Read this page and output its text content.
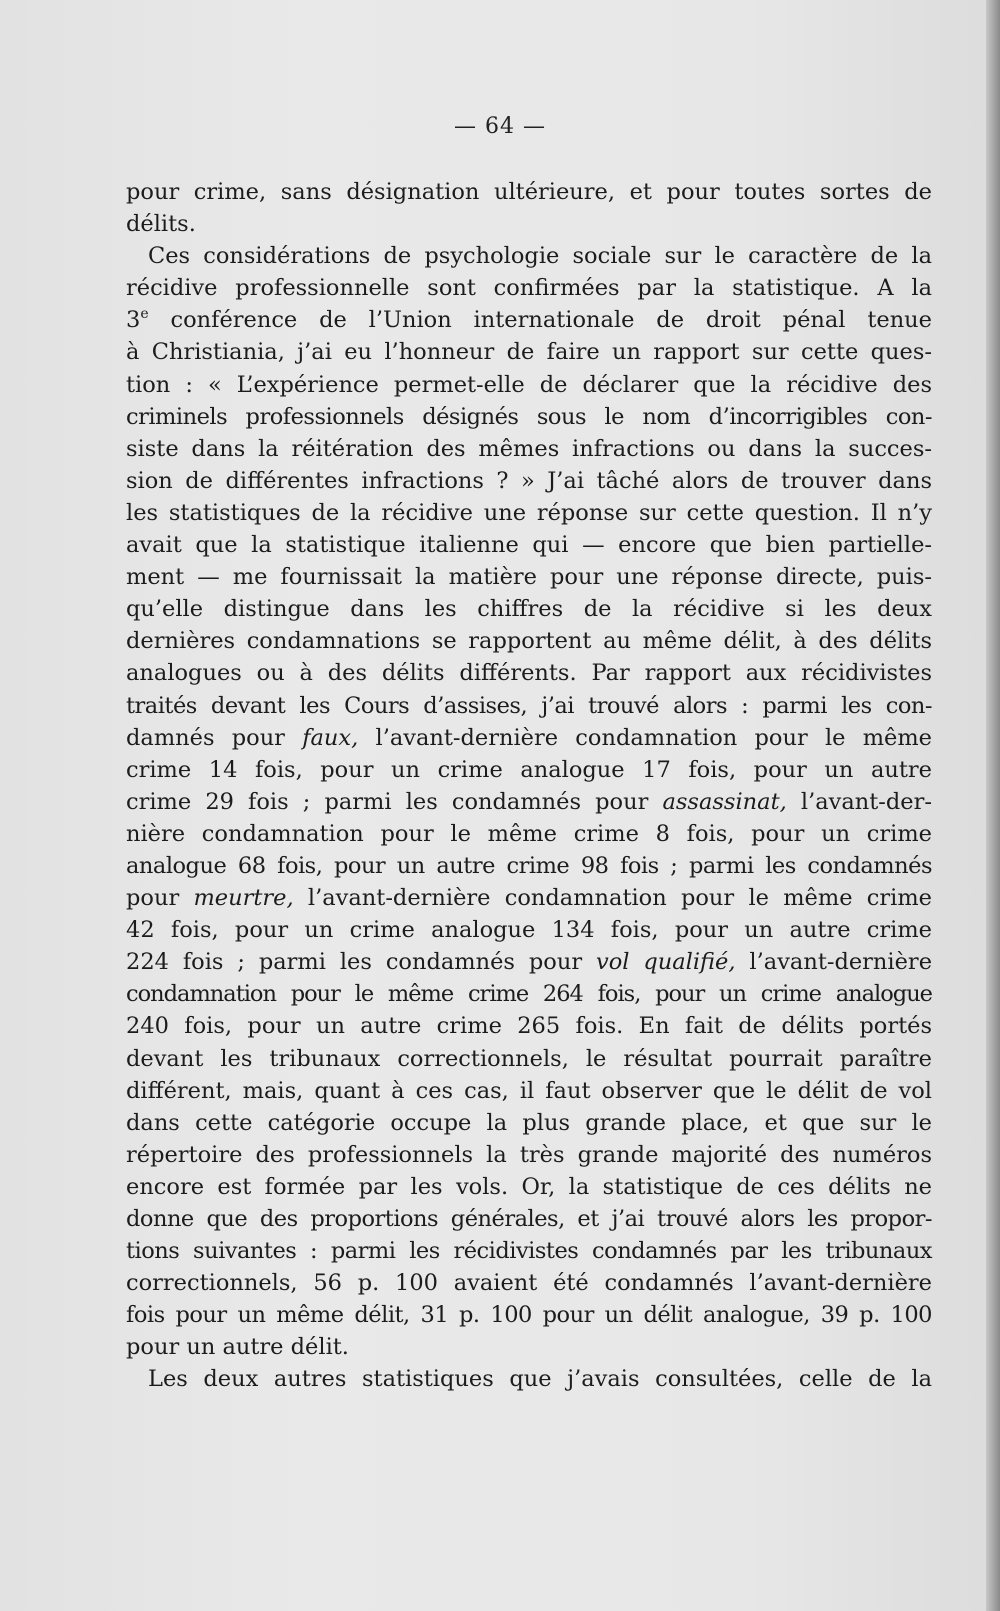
— 64 —
pour crime, sans désignation ultérieure, et pour toutes sortes de
délits.
Ces considérations de psychologie sociale sur le caractère de la
récidive professionnelle sont confirmées par la statistique. A la
3e conférence de l’Union internationale de droit pénal tenue
à Christiania, j’ai eu l’honneur de faire un rapport sur cette ques-
tion : « L’expérience permet-elle de déclarer que la récidive des
criminels professionnels désignés sous le nom d’incorrigibles con-
siste dans la réitération des mêmes infractions ou dans la succes-
sion de différentes infractions ? » J’ai tâché alors de trouver dans
les statistiques de la récidive une réponse sur cette question. Il n’y
avait que la statistique italienne qui — encore que bien partielle-
ment — me fournissait la matière pour une réponse directe, puis-
qu’elle distingue dans les chiffres de la récidive si les deux
dernières condamnations se rapportent au même délit, à des délits
analogues ou à des délits différents. Par rapport aux récidivistes
traités devant les Cours d’assises, j’ai trouvé alors : parmi les con-
damnés pour faux, l’avant-dernière condamnation pour le même
crime 14 fois, pour un crime analogue 17 fois, pour un autre
crime 29 fois ; parmi les condamnés pour assassinat, l’avant-der-
nière condamnation pour le même crime 8 fois, pour un crime
analogue 68 fois, pour un autre crime 98 fois ; parmi les condamnés
pour meurtre, l’avant-dernière condamnation pour le même crime
42 fois, pour un crime analogue 134 fois, pour un autre crime
224 fois ; parmi les condamnés pour vol qualifié, l’avant-dernière
condamnation pour le même crime 264 fois, pour un crime analogue
240 fois, pour un autre crime 265 fois. En fait de délits portés
devant les tribunaux correctionnels, le résultat pourrait paraître
différent, mais, quant à ces cas, il faut observer que le délit de vol
dans cette catégorie occupe la plus grande place, et que sur le
répertoire des professionnels la très grande majorité des numéros
encore est formée par les vols. Or, la statistique de ces délits ne
donne que des proportions générales, et j’ai trouvé alors les propor-
tions suivantes : parmi les récidivistes condamnés par les tribunaux
correctionnels, 56 p. 100 avaient été condamnés l’avant-dernière
fois pour un même délit, 31 p. 100 pour un délit analogue, 39 p. 100
pour un autre délit.
Les deux autres statistiques que j’avais consultées, celle de la
